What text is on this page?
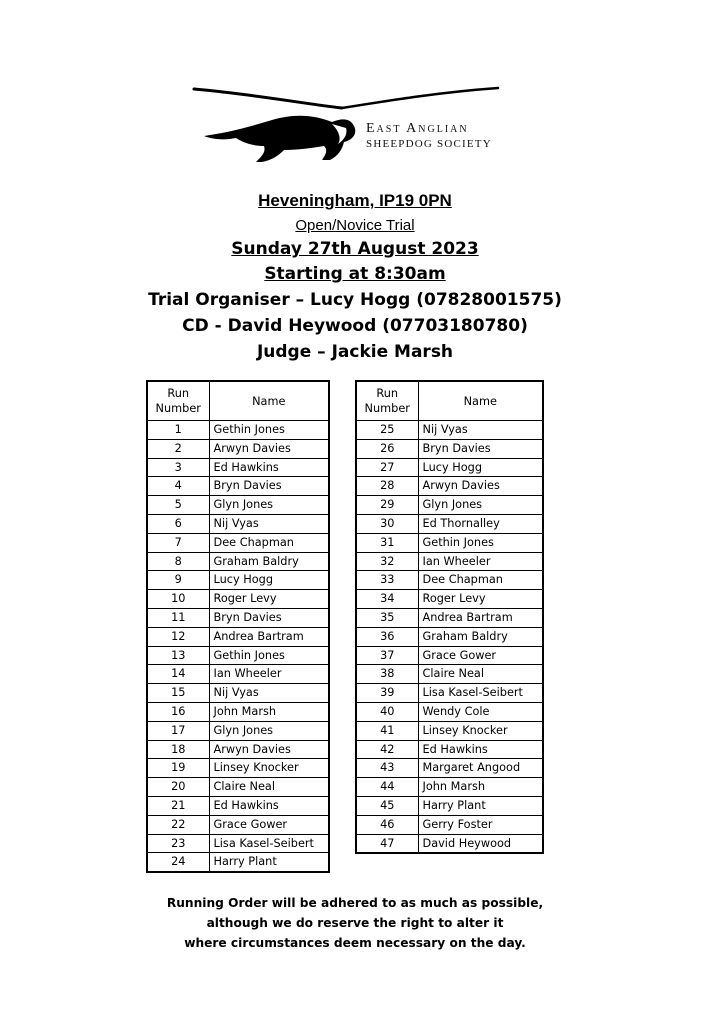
East Anglian
SHEEPDOG SOCIETY
Heveningham, IP19 0PN
Open/Novice Trial
Sunday 27th August 2023
Starting at 8:30am
Trial Organiser – Lucy Hogg (07828001575)
CD - David Heywood (07703180780)
Judge – Jackie Marsh
Run
Number	Name
1	Gethin Jones
2	Arwyn Davies
3	Ed Hawkins
4	Bryn Davies
5	Glyn Jones
6	Nij Vyas
7	Dee Chapman
8	Graham Baldry
9	Lucy Hogg
10	Roger Levy
11	Bryn Davies
12	Andrea Bartram
13	Gethin Jones
14	Ian Wheeler
15	Nij Vyas
16	John Marsh
17	Glyn Jones
18	Arwyn Davies
19	Linsey Knocker
20	Claire Neal
21	Ed Hawkins
22	Grace Gower
23	Lisa Kasel-Seibert
24	Harry Plant
Run
Number	Name
25	Nij Vyas
26	Bryn Davies
27	Lucy Hogg
28	Arwyn Davies
29	Glyn Jones
30	Ed Thornalley
31	Gethin Jones
32	Ian Wheeler
33	Dee Chapman
34	Roger Levy
35	Andrea Bartram
36	Graham Baldry
37	Grace Gower
38	Claire Neal
39	Lisa Kasel-Seibert
40	Wendy Cole
41	Linsey Knocker
42	Ed Hawkins
43	Margaret Angood
44	John Marsh
45	Harry Plant
46	Gerry Foster
47	David Heywood
Running Order will be adhered to as much as possible,
although we do reserve the right to alter it
where circumstances deem necessary on the day.
